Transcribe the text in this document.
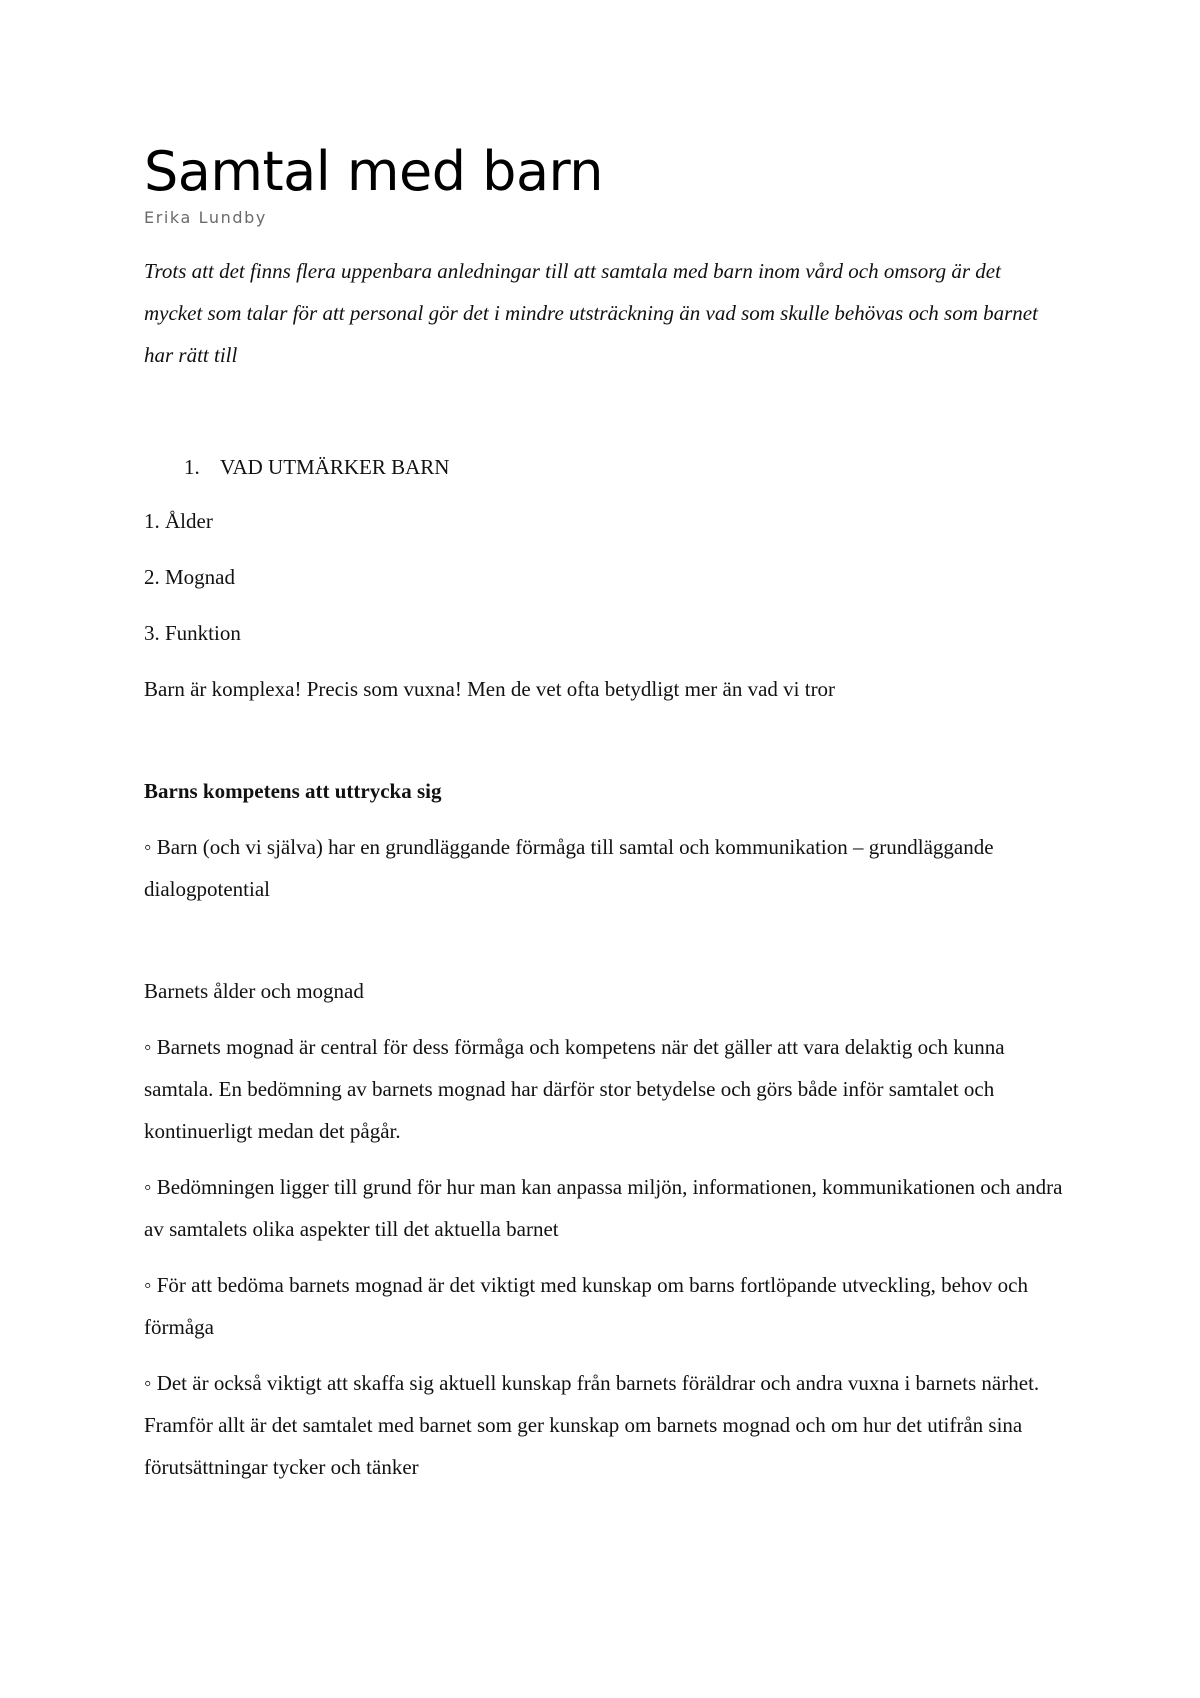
Samtal med barn
Erika Lundby

Trots att det finns flera uppenbara anledningar till att samtala med barn inom vård och omsorg är det mycket som talar för att personal gör det i mindre utsträckning än vad som skulle behövas och som barnet har rätt till

1. VAD UTMÄRKER BARN

1. Ålder

2. Mognad

3. Funktion

Barn är komplexa! Precis som vuxna! Men de vet ofta betydligt mer än vad vi tror

Barns kompetens att uttrycka sig

◦ Barn (och vi själva) har en grundläggande förmåga till samtal och kommunikation – grundläggande dialogpotential

Barnets ålder och mognad

◦ Barnets mognad är central för dess förmåga och kompetens när det gäller att vara delaktig och kunna samtala. En bedömning av barnets mognad har därför stor betydelse och görs både inför samtalet och kontinuerligt medan det pågår.

◦ Bedömningen ligger till grund för hur man kan anpassa miljön, informationen, kommunikationen och andra av samtalets olika aspekter till det aktuella barnet

◦ För att bedöma barnets mognad är det viktigt med kunskap om barns fortlöpande utveckling, behov och förmåga

◦ Det är också viktigt att skaffa sig aktuell kunskap från barnets föräldrar och andra vuxna i barnets närhet. Framför allt är det samtalet med barnet som ger kunskap om barnets mognad och om hur det utifrån sina förutsättningar tycker och tänker
